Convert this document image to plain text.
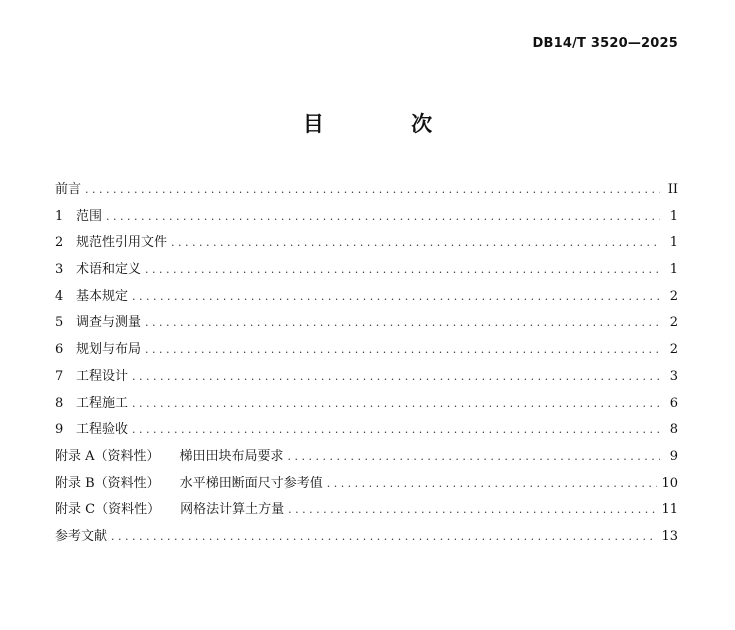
DB14/T 3520—2025
目 次
前言 . . .	II
1 范围 . . .	1
2 规范性引用文件 . . .	1
3 术语和定义 . . .	1
4 基本规定 . . .	2
5 调查与测量 . . .	2
6 规划与布局 . . .	2
7 工程设计 . . .	3
8 工程施工 . . .	6
9 工程验收 . . .	8
附录 A（资料性） 梯田田块布局要求 . . .	9
附录 B（资料性） 水平梯田断面尺寸参考值 . . .	10
附录 C（资料性） 网格法计算土方量 . . .	11
参考文献 . . .	13
